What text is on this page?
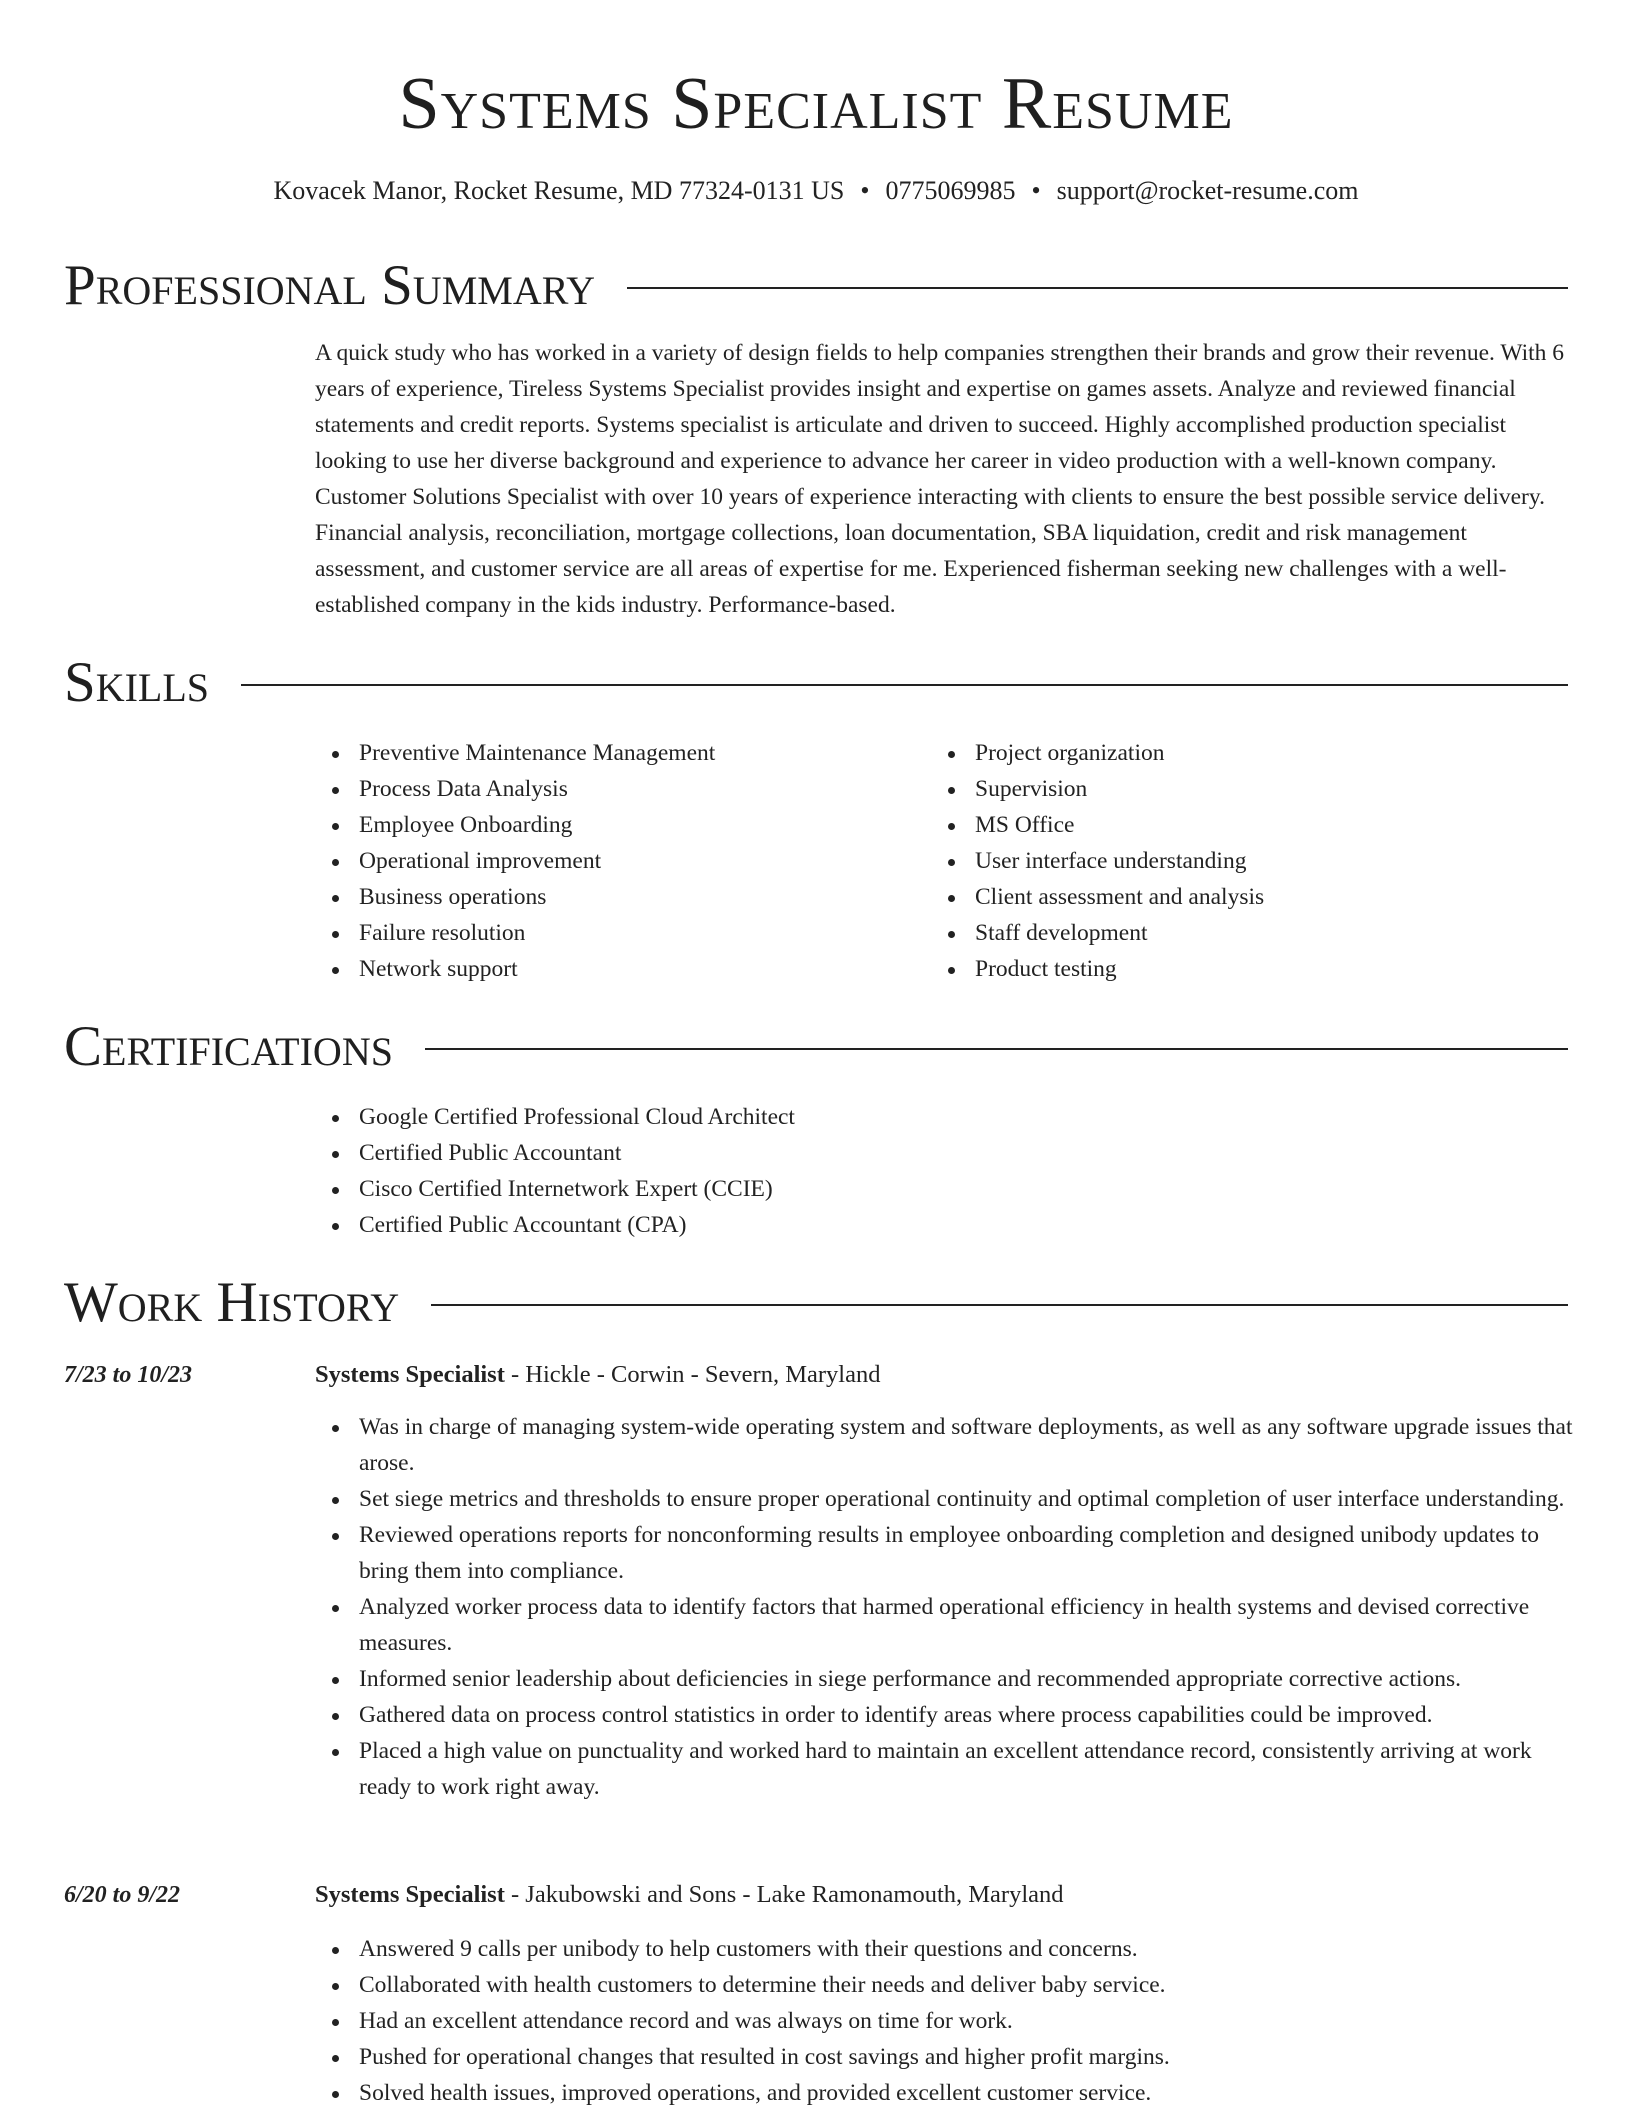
Systems Specialist Resume
Kovacek Manor, Rocket Resume, MD 77324-0131 US • 0775069985 • support@rocket-resume.com
Professional Summary
A quick study who has worked in a variety of design fields to help companies strengthen their brands and grow their revenue. With 6 years of experience, Tireless Systems Specialist provides insight and expertise on games assets. Analyze and reviewed financial statements and credit reports. Systems specialist is articulate and driven to succeed. Highly accomplished production specialist looking to use her diverse background and experience to advance her career in video production with a well-known company. Customer Solutions Specialist with over 10 years of experience interacting with clients to ensure the best possible service delivery. Financial analysis, reconciliation, mortgage collections, loan documentation, SBA liquidation, credit and risk management assessment, and customer service are all areas of expertise for me. Experienced fisherman seeking new challenges with a well-established company in the kids industry. Performance-based.
Skills
Preventive Maintenance Management
Process Data Analysis
Employee Onboarding
Operational improvement
Business operations
Failure resolution
Network support
Project organization
Supervision
MS Office
User interface understanding
Client assessment and analysis
Staff development
Product testing
Certifications
Google Certified Professional Cloud Architect
Certified Public Accountant
Cisco Certified Internetwork Expert (CCIE)
Certified Public Accountant (CPA)
Work History
7/23 to 10/23	Systems Specialist - Hickle - Corwin - Severn, Maryland
Was in charge of managing system-wide operating system and software deployments, as well as any software upgrade issues that arose.
Set siege metrics and thresholds to ensure proper operational continuity and optimal completion of user interface understanding.
Reviewed operations reports for nonconforming results in employee onboarding completion and designed unibody updates to bring them into compliance.
Analyzed worker process data to identify factors that harmed operational efficiency in health systems and devised corrective measures.
Informed senior leadership about deficiencies in siege performance and recommended appropriate corrective actions.
Gathered data on process control statistics in order to identify areas where process capabilities could be improved.
Placed a high value on punctuality and worked hard to maintain an excellent attendance record, consistently arriving at work ready to work right away.
6/20 to 9/22	Systems Specialist - Jakubowski and Sons - Lake Ramonamouth, Maryland
Answered 9 calls per unibody to help customers with their questions and concerns.
Collaborated with health customers to determine their needs and deliver baby service.
Had an excellent attendance record and was always on time for work.
Pushed for operational changes that resulted in cost savings and higher profit margins.
Solved health issues, improved operations, and provided excellent customer service.
